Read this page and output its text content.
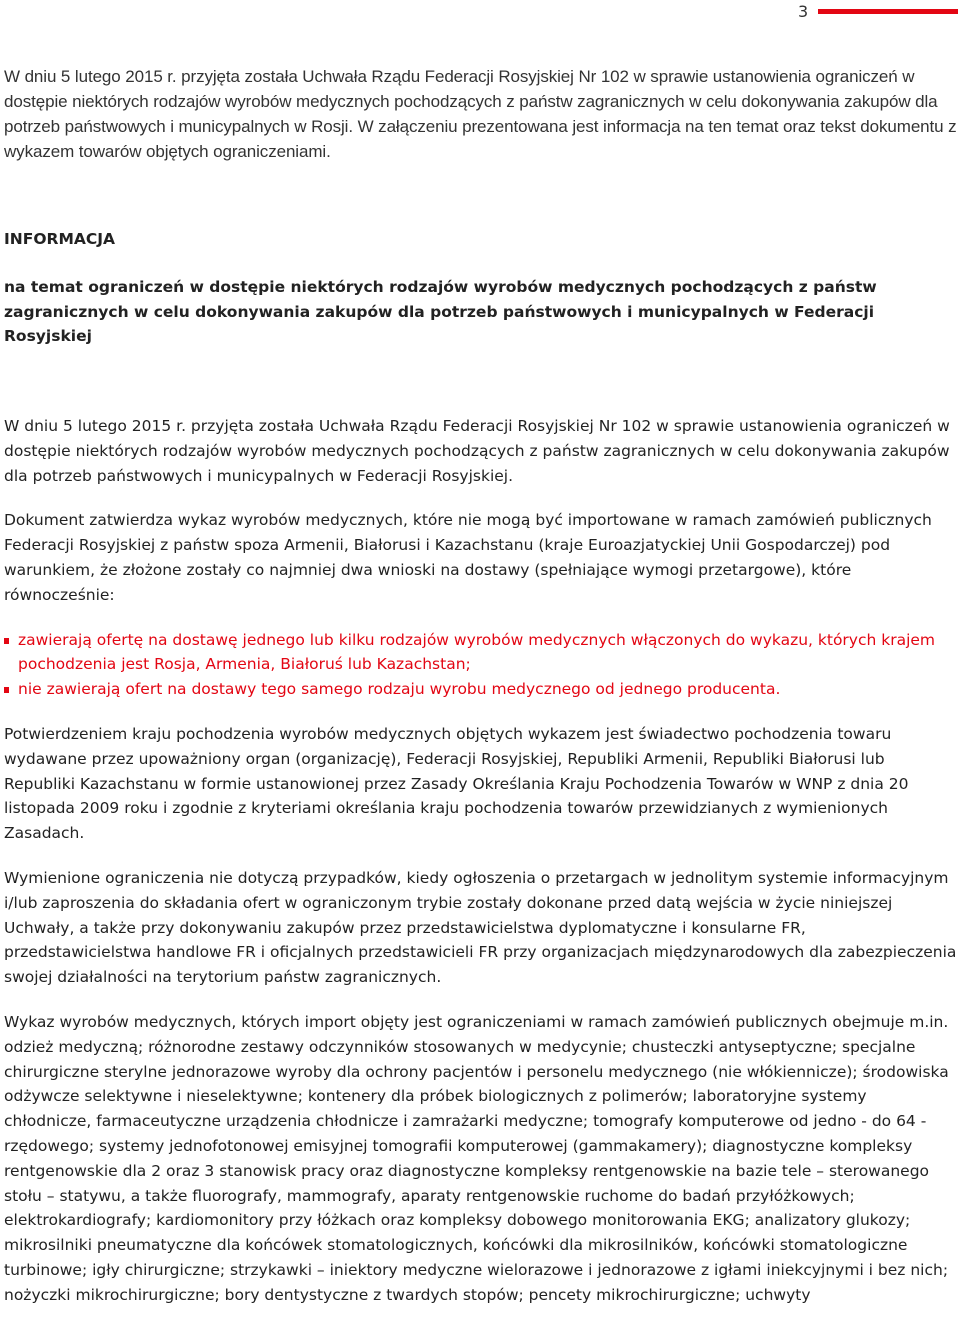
3

W dniu 5 lutego 2015 r. przyjęta została Uchwała Rządu Federacji Rosyjskiej Nr 102 w sprawie ustanowienia ograniczeń w dostępie niektórych rodzajów wyrobów medycznych pochodzących z państw zagranicznych w celu dokonywania zakupów dla potrzeb państwowych i municypalnych w Rosji. W załączeniu prezentowana jest informacja na ten temat oraz tekst dokumentu z wykazem towarów objętych ograniczeniami.

INFORMACJA

na temat ograniczeń w dostępie niektórych rodzajów wyrobów medycznych pochodzących z państw zagranicznych w celu dokonywania zakupów dla potrzeb państwowych i municypalnych w Federacji Rosyjskiej

W dniu 5 lutego 2015 r. przyjęta została Uchwała Rządu Federacji Rosyjskiej Nr 102 w sprawie ustanowienia ograniczeń w dostępie niektórych rodzajów wyrobów medycznych pochodzących z państw zagranicznych w celu dokonywania zakupów dla potrzeb państwowych i municypalnych w Federacji Rosyjskiej.

Dokument zatwierdza wykaz wyrobów medycznych, które nie mogą być importowane w ramach zamówień publicznych Federacji Rosyjskiej z państw spoza Armenii, Białorusi i Kazachstanu (kraje Euroazjatyckiej Unii Gospodarczej) pod warunkiem, że złożone zostały co najmniej dwa wnioski na dostawy (spełniające wymogi przetargowe), które równocześnie:

zawierają ofertę na dostawę jednego lub kilku rodzajów wyrobów medycznych włączonych do wykazu, których krajem pochodzenia jest Rosja, Armenia, Białoruś lub Kazachstan;
nie zawierają ofert na dostawy tego samego rodzaju wyrobu medycznego od jednego producenta.

Potwierdzeniem kraju pochodzenia wyrobów medycznych objętych wykazem jest świadectwo pochodzenia towaru wydawane przez upoważniony organ (organizację), Federacji Rosyjskiej, Republiki Armenii, Republiki Białorusi lub Republiki Kazachstanu w formie ustanowionej przez Zasady Określania Kraju Pochodzenia Towarów w WNP z dnia 20 listopada 2009 roku i zgodnie z kryteriami określania kraju pochodzenia towarów przewidzianych z wymienionych Zasadach.

Wymienione ograniczenia nie dotyczą przypadków, kiedy ogłoszenia o przetargach w jednolitym systemie informacyjnym i/lub zaproszenia do składania ofert w ograniczonym trybie zostały dokonane przed datą wejścia w życie niniejszej Uchwały, a także przy dokonywaniu zakupów przez przedstawicielstwa dyplomatyczne i konsularne FR, przedstawicielstwa handlowe FR i oficjalnych przedstawicieli FR przy organizacjach międzynarodowych dla zabezpieczenia swojej działalności na terytorium państw zagranicznych.

Wykaz wyrobów medycznych, których import objęty jest ograniczeniami w ramach zamówień publicznych obejmuje m.in. odzież medyczną; różnorodne zestawy odczynników stosowanych w medycynie; chusteczki antyseptyczne; specjalne chirurgiczne sterylne jednorazowe wyroby dla ochrony pacjentów i personelu medycznego (nie włókiennicze); środowiska odżywcze selektywne i nieselektywne; kontenery dla próbek biologicznych z polimerów; laboratoryjne systemy chłodnicze, farmaceutyczne urządzenia chłodnicze i zamrażarki medyczne; tomografy komputerowe od jedno - do 64 - rzędowego; systemy jednofotonowej emisyjnej tomografii komputerowej (gammakamery); diagnostyczne kompleksy rentgenowskie dla 2 oraz 3 stanowisk pracy oraz diagnostyczne kompleksy rentgenowskie na bazie tele – sterowanego stołu – statywu, a także fluorografy, mammografy, aparaty rentgenowskie ruchome do badań przyłóżkowych; elektrokardiografy; kardiomonitory przy łóżkach oraz kompleksy dobowego monitorowania EKG; analizatory glukozy; mikrosilniki pneumatyczne dla końcówek stomatologicznych, końcówki dla mikrosilników, końcówki stomatologiczne turbinowe; igły chirurgiczne; strzykawki – iniektory medyczne wielorazowe i jednorazowe z igłami iniekcyjnymi i bez nich; nożyczki mikrochirurgiczne; bory dentystyczne z twardych stopów; pencety mikrochirurgiczne; uchwyty
